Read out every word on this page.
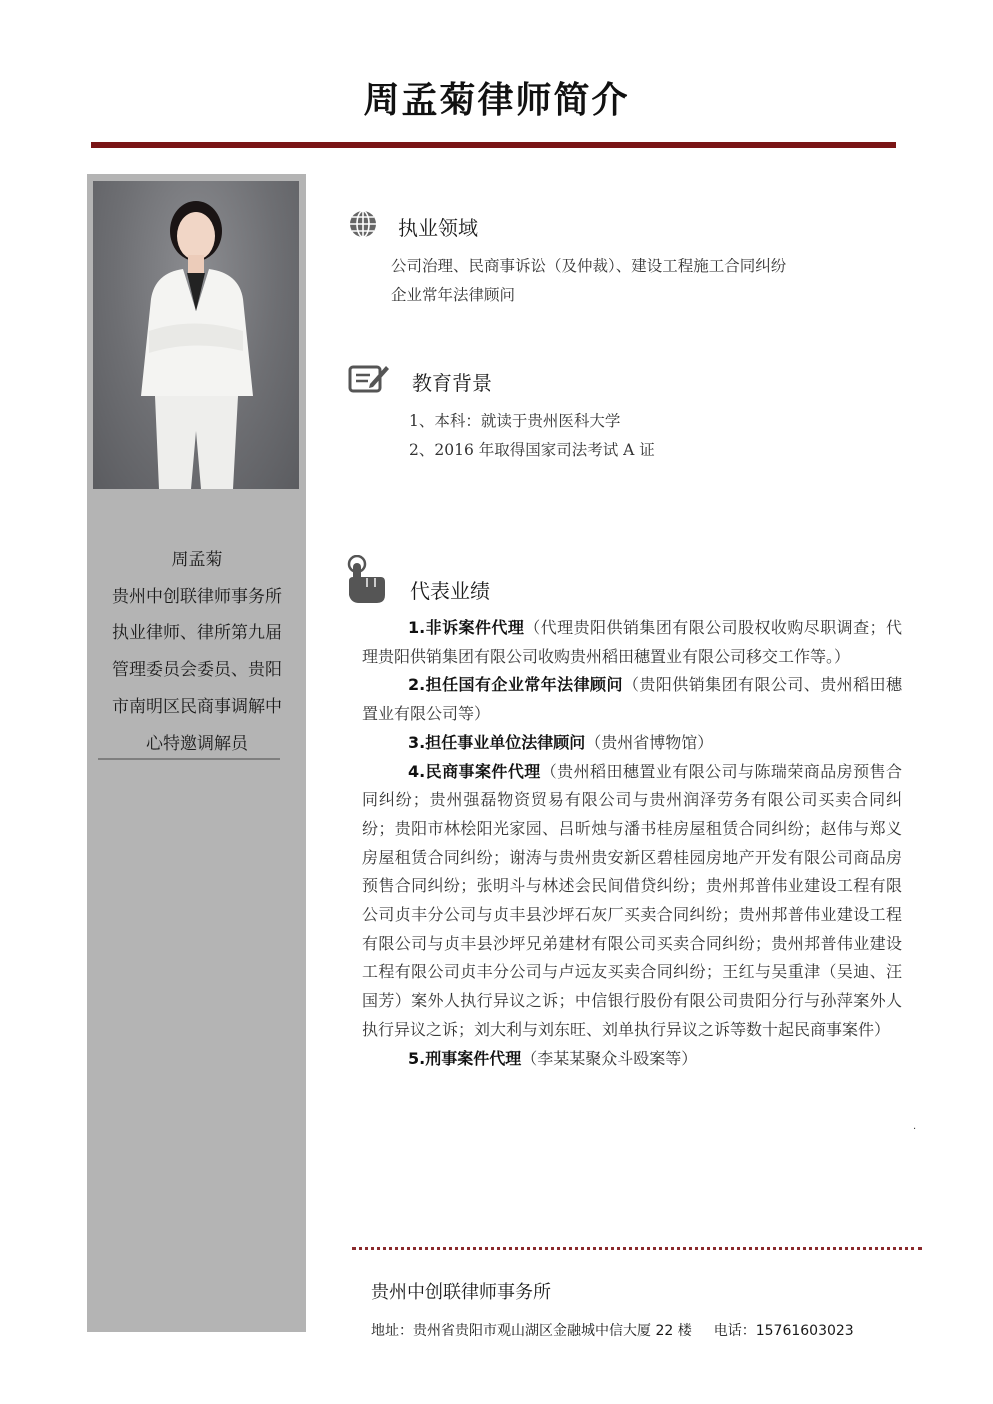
周孟菊律师简介
周孟菊
贵州中创联律师事务所
执业律师、律所第九届
管理委员会委员、贵阳
市南明区民商事调解中
心特邀调解员
执业领域
公司治理、民商事诉讼（及仲裁）、建设工程施工合同纠纷
企业常年法律顾问
教育背景
1、本科：就读于贵州医科大学
2、2016 年取得国家司法考试 A 证
代表业绩

1.非诉案件代理（代理贵阳供销集团有限公司股权收购尽职调查；代理贵阳供销集团有限公司收购贵州稻田穗置业有限公司移交工作等。）

2.担任国有企业常年法律顾问（贵阳供销集团有限公司、贵州稻田穗置业有限公司等）

3.担任事业单位法律顾问（贵州省博物馆）

4.民商事案件代理（贵州稻田穗置业有限公司与陈瑞荣商品房预售合同纠纷；贵州强磊物资贸易有限公司与贵州润泽劳务有限公司买卖合同纠纷；贵阳市林桧阳光家园、吕昕烛与潘书桂房屋租赁合同纠纷；赵伟与郑义房屋租赁合同纠纷；谢涛与贵州贵安新区碧桂园房地产开发有限公司商品房预售合同纠纷；张明斗与林述会民间借贷纠纷；贵州邦普伟业建设工程有限公司贞丰分公司与贞丰县沙坪石灰厂买卖合同纠纷；贵州邦普伟业建设工程有限公司与贞丰县沙坪兄弟建材有限公司买卖合同纠纷；贵州邦普伟业建设工程有限公司贞丰分公司与卢远友买卖合同纠纷；王红与吴重津（吴迪、汪国芳）案外人执行异议之诉；中信银行股份有限公司贵阳分行与孙萍案外人执行异议之诉；刘大利与刘东旺、刘单执行异议之诉等数十起民商事案件）

5.刑事案件代理（李某某聚众斗殴案等）

·
贵州中创联律师事务所
地址：贵州省贵阳市观山湖区金融城中信大厦 22 楼 电话：15761603023
